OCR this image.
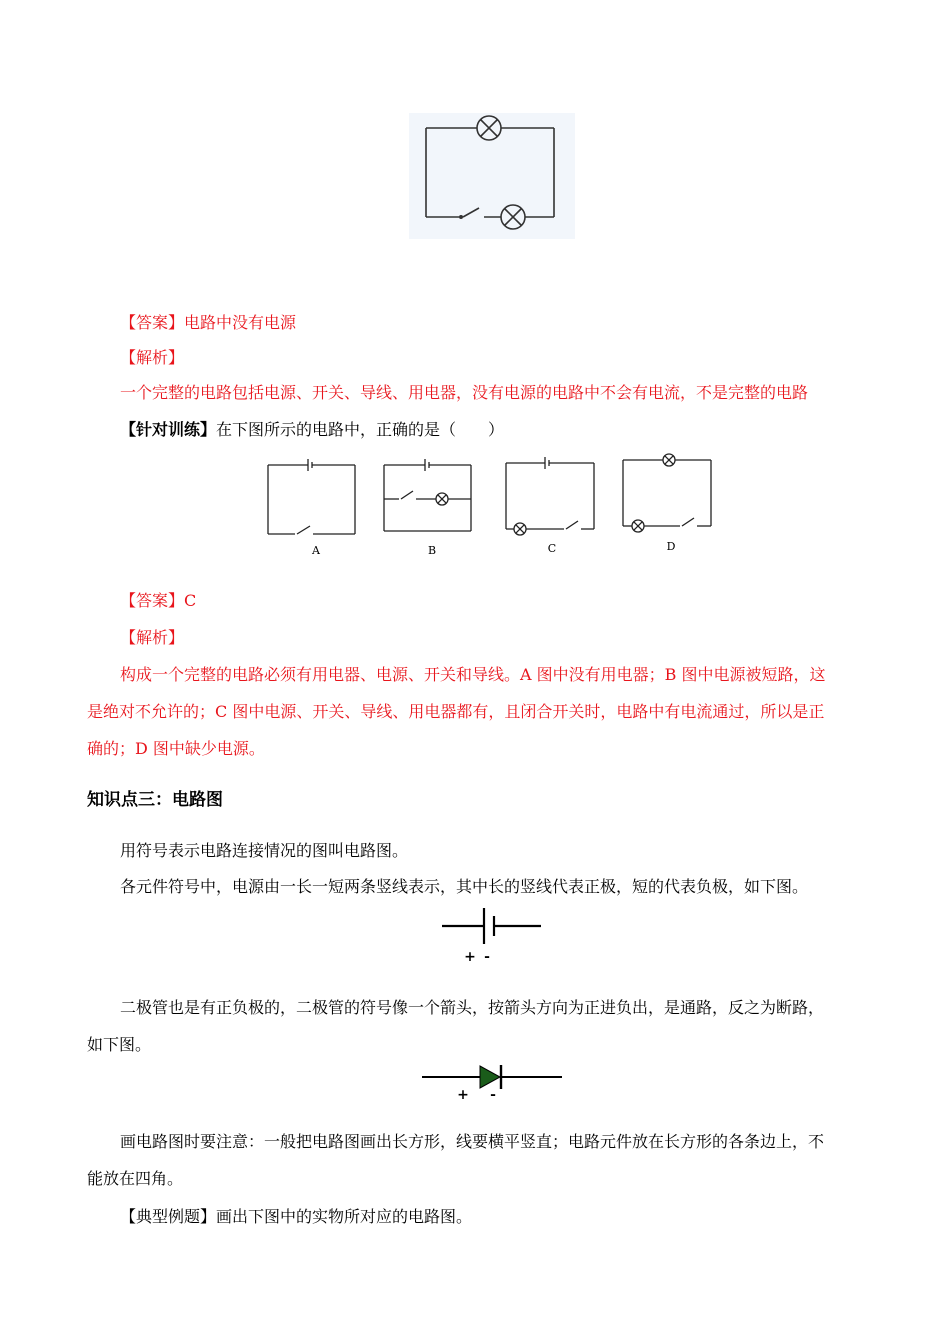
【答案】电路中没有电源
【解析】
一个完整的电路包括电源、开关、导线、用电器，没有电源的电路中不会有电流，不是完整的电路
【针对训练】在下图所示的电路中，正确的是（　　）
A	B	C	D
【答案】C
【解析】
构成一个完整的电路必须有用电器、电源、开关和导线。A 图中没有用电器；B 图中电源被短路，这
是绝对不允许的；C 图中电源、开关、导线、用电器都有，且闭合开关时，电路中有电流通过，所以是正
确的；D 图中缺少电源。
知识点三：电路图
用符号表示电路连接情况的图叫电路图。
各元件符号中，电源由一长一短两条竖线表示，其中长的竖线代表正极，短的代表负极，如下图。
+ -
二极管也是有正负极的，二极管的符号像一个箭头，按箭头方向为正进负出，是通路，反之为断路，
如下图。
+ -
画电路图时要注意：一般把电路图画出长方形，线要横平竖直；电路元件放在长方形的各条边上，不
能放在四角。
【典型例题】画出下图中的实物所对应的电路图。
